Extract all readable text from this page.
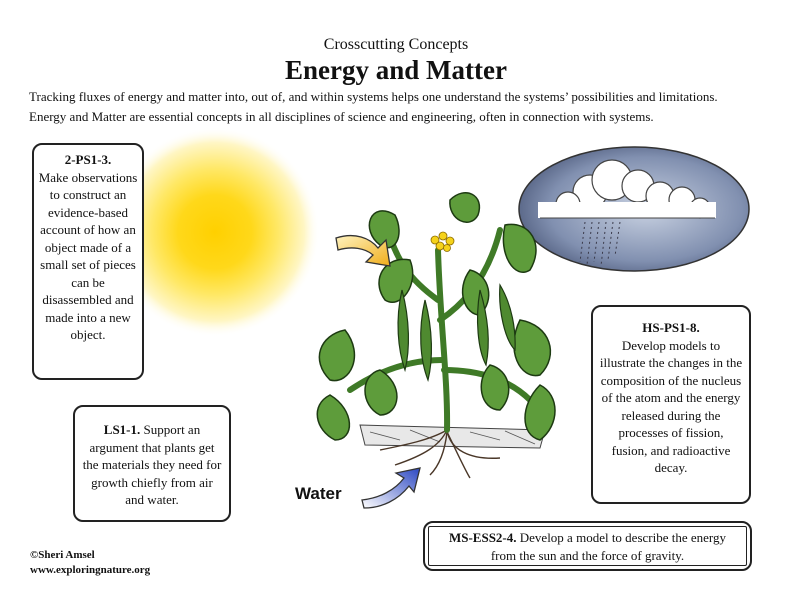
Crosscutting Concepts
Energy and Matter
Tracking fluxes of energy and matter into, out of, and within systems helps one understand the systems’ possibilities and limitations.
Energy and Matter are essential concepts in all disciplines of science and engineering, often in connection with systems.
2-PS1-3.
Make observations to construct an evidence-based account of how an object made of a small set of pieces can be disassembled and made into a new object.
LS1-1. Support an argument that plants get the materials they need for growth chiefly from air and water.
HS-PS1-8.
Develop models to illustrate the changes in the composition of the nucleus of the atom and the energy released during the processes of fission, fusion, and radioactive decay.
MS-ESS2-4. Develop a model to describe the energy from the sun and the force of gravity.
Water
©Sheri Amsel
www.exploringnature.org
